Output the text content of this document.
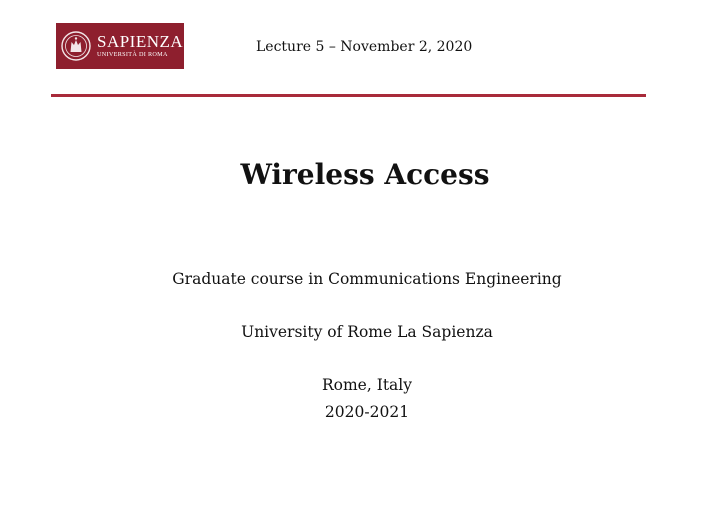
SAPIENZA
UNIVERSITÀ DI ROMA	Lecture 5 – November 2, 2020
Wireless Access
Graduate course in Communications Engineering
University of Rome La Sapienza
Rome, Italy
2020-2021
